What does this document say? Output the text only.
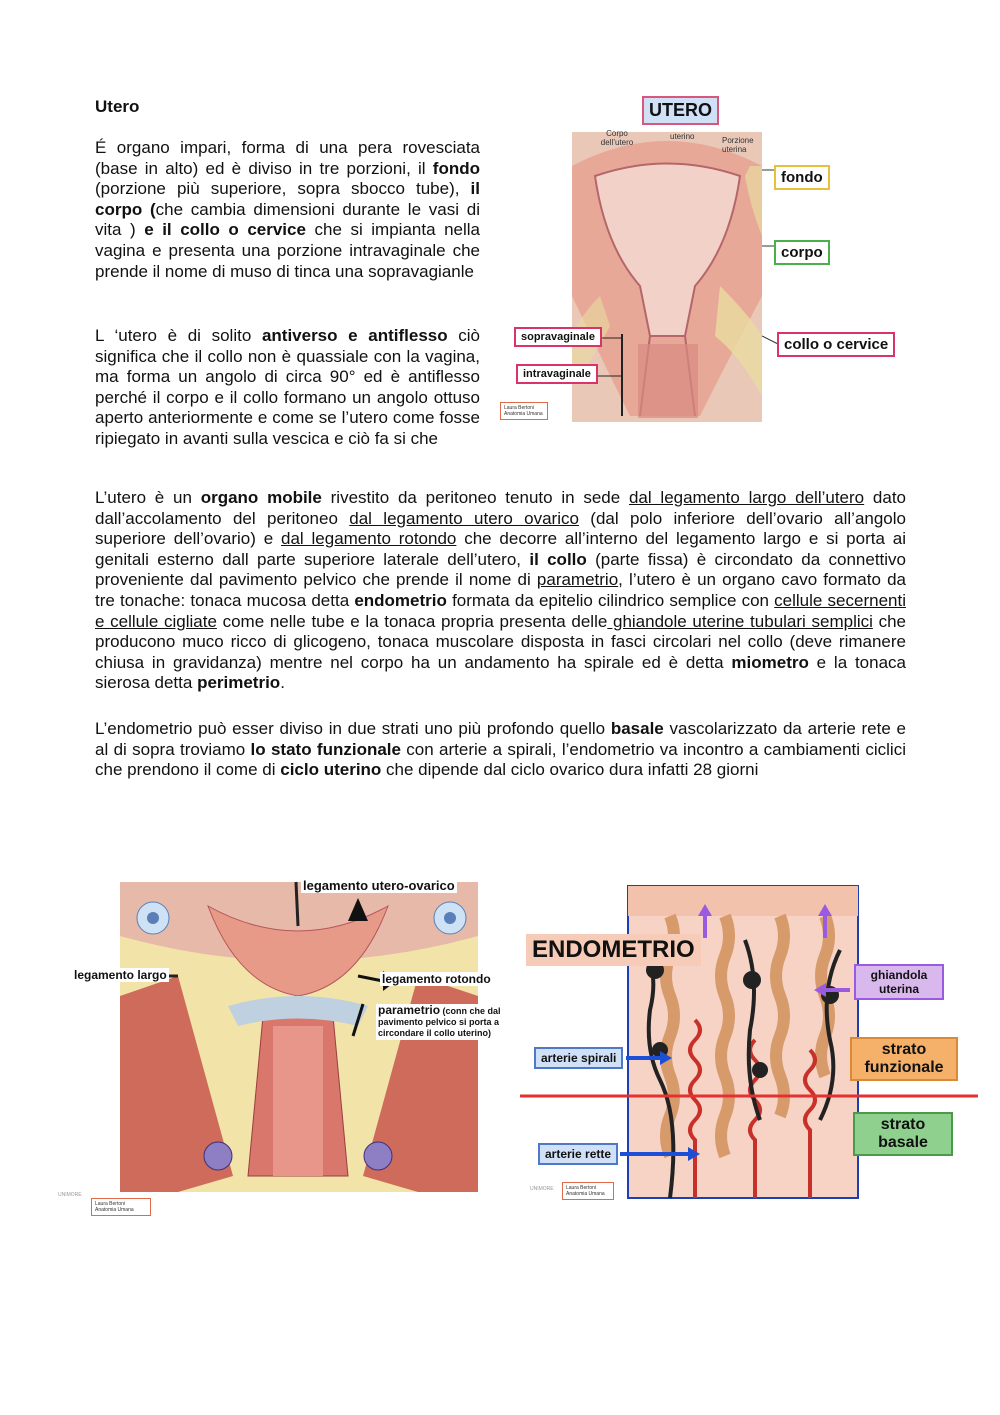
Utero
É organo impari, forma di una pera rovesciata (base in alto) ed è diviso in tre porzioni, il fondo (porzione più superiore, sopra sbocco tube), il corpo (che cambia dimensioni durante le vasi di vita ) e il collo o cervice che si impianta nella vagina e presenta una porzione intravaginale che prende il nome di muso di tinca una sopravagianle
L ‘utero è di solito antiverso e antiflesso ciò significa che il collo non è quassiale con la vagina, ma forma un angolo di circa 90° ed è antiflesso perché il corpo e il collo formano un angolo ottuso aperto anteriormente e come se l’utero come fosse ripiegato in avanti sulla vescica e ciò fa si che
L’utero è un organo mobile rivestito da peritoneo tenuto in sede dal legamento largo dell’utero dato dall’accolamento del peritoneo dal legamento utero ovarico (dal polo inferiore dell’ovario all’angolo superiore dell’ovario) e dal legamento rotondo che decorre all’interno del legamento largo e si porta ai genitali esterno dall parte superiore laterale dell’utero, il collo (parte fissa) è circondato da connettivo proveniente dal pavimento pelvico che prende il nome di parametrio, l’utero è un organo cavo formato da tre tonache: tonaca mucosa detta endometrio formata da epitelio cilindrico semplice con cellule secernenti e cellule cigliate come nelle tube e la tonaca propria presenta delle ghiandole uterine tubulari semplici che producono muco ricco di glicogeno, tonaca muscolare disposta in fasci circolari nel collo (deve rimanere chiusa in gravidanza) mentre nel corpo ha un andamento ha spirale ed è detta miometro e la tonaca sierosa detta perimetrio.
L’endometrio può esser diviso in due strati uno più profondo quello basale vascolarizzato da arterie rete e al di sopra troviamo lo stato funzionale con arterie a spirali, l’endometrio va incontro a cambiamenti ciclici che prendono il come di ciclo uterino che dipende dal ciclo ovarico dura infatti 28 giorni
UTERO
Corpo dell’utero
uterino	Porzione uterina
fondo
corpo
collo o cervice
sopravaginale
intravaginale
Laura Bertoni
Anatomia Umana
legamento utero-ovarico
legamento largo	legamento rotondo
parametrio (conn che dal pavimento pelvico si porta a circondare il collo uterino)
UNIMORE
Laura Bertoni
Anatomia Umana
ENDOMETRIO
ghiandola uterina
arterie spirali	strato funzionale
strato basale
arterie rette
UNIMORE Laura Bertoni
Anatomia Umana
